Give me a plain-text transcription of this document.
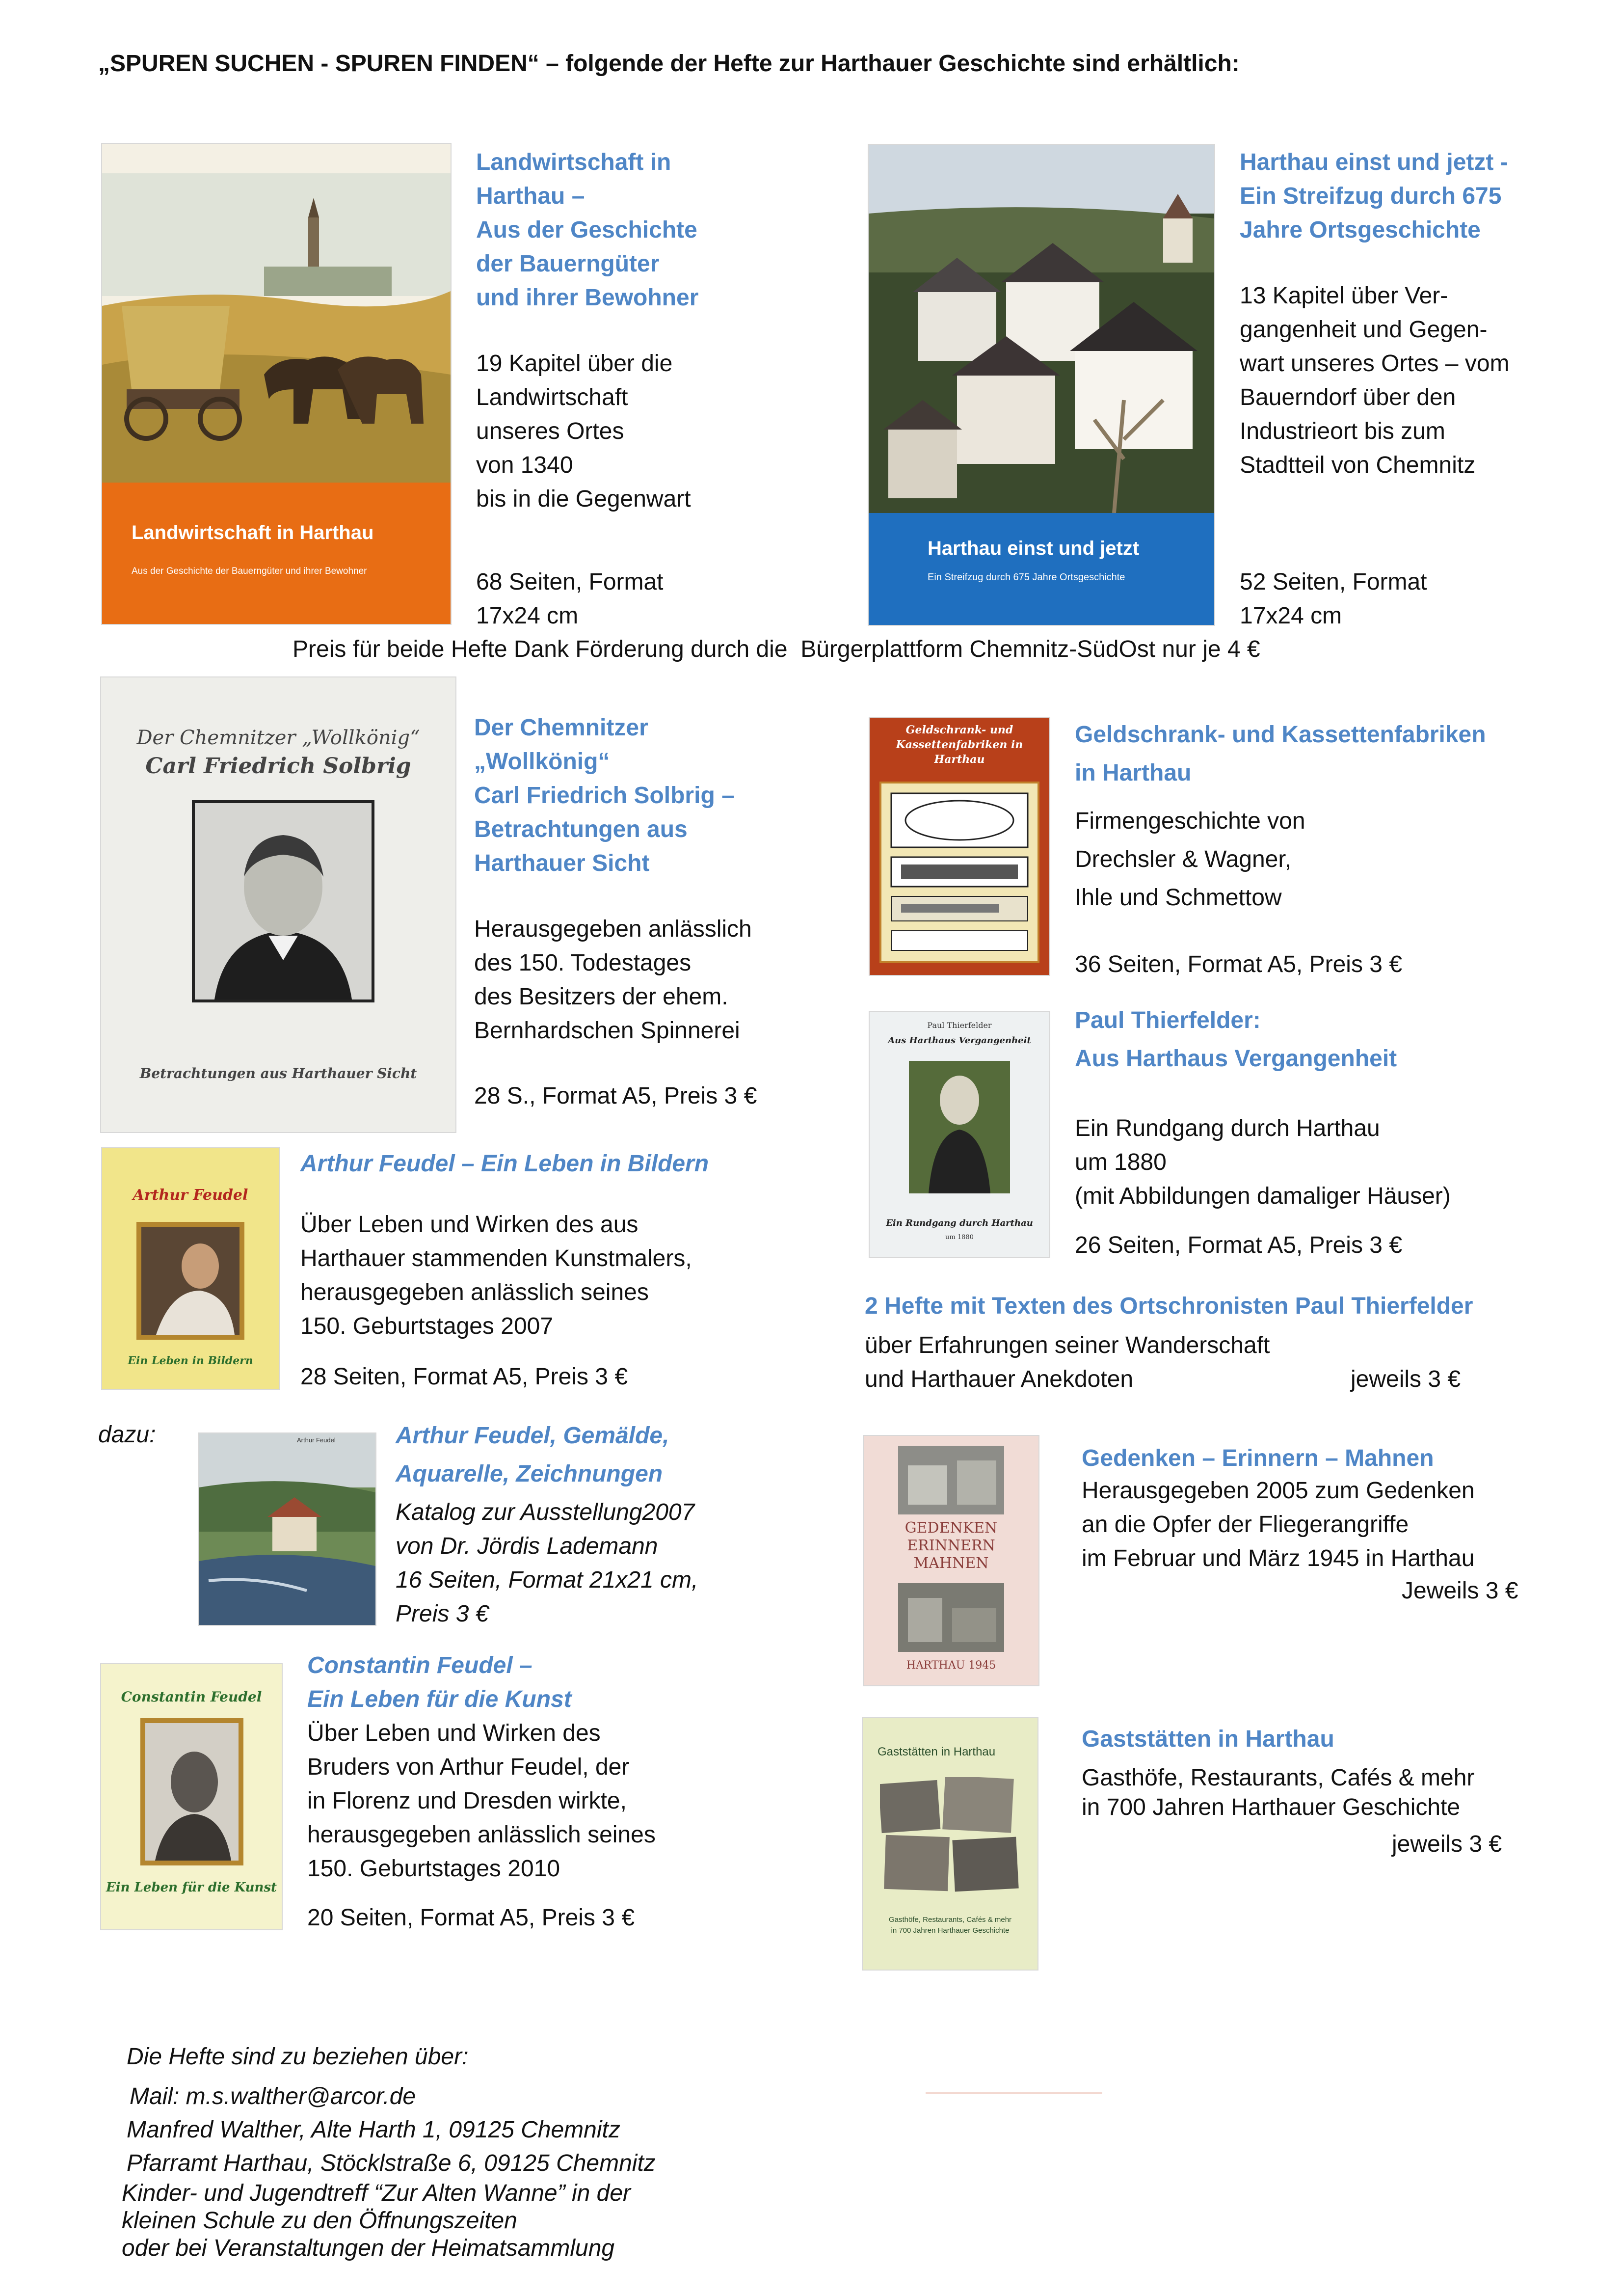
„SPUREN SUCHEN - SPUREN FINDEN“ – folgende der Hefte zur Harthauer Geschichte sind erhältlich:
Landwirtschaft in Harthau
Aus der Geschichte der Bauerngüter und ihrer Bewohner
Landwirtschaft in
Harthau –
Aus der Geschichte
der Bauerngüter
und ihrer Bewohner
19 Kapitel über die
Landwirtschaft
unseres Ortes
von 1340
bis in die Gegenwart
68 Seiten, Format
17x24 cm
Harthau einst und jetzt
Ein Streifzug durch 675 Jahre Ortsgeschichte
Harthau einst und jetzt -
Ein Streifzug durch 675
Jahre Ortsgeschichte
13 Kapitel über Ver-
gangenheit und Gegen-
wart unseres Ortes – vom
Bauerndorf über den
Industrieort bis zum
Stadtteil von Chemnitz
52 Seiten, Format
17x24 cm
Preis für beide Hefte Dank Förderung durch die  Bürgerplattform Chemnitz-SüdOst nur je 4 €
Der Chemnitzer „Wollkönig“
Carl Friedrich Solbrig
Betrachtungen aus Harthauer Sicht
Der Chemnitzer
„Wollkönig“
Carl Friedrich Solbrig –
Betrachtungen aus
Harthauer Sicht
Herausgegeben anlässlich
des 150. Todestages
des Besitzers der ehem.
Bernhardschen Spinnerei
28 S., Format A5, Preis 3 €
Geldschrank- und Kassettenfabriken in Harthau
Geldschrank- und Kassettenfabriken
in Harthau
Firmengeschichte von
Drechsler & Wagner,
Ihle und Schmettow
36 Seiten, Format A5, Preis 3 €
Paul Thierfelder
Aus Harthaus Vergangenheit
Ein Rundgang durch Harthau
um 1880
Paul Thierfelder:
Aus Harthaus Vergangenheit
Ein Rundgang durch Harthau
um 1880
(mit Abbildungen damaliger Häuser)
26 Seiten, Format A5, Preis 3 €
Arthur Feudel
Ein Leben in Bildern
Arthur Feudel – Ein Leben in Bildern
Über Leben und Wirken des aus
Harthauer stammenden Kunstmalers,
herausgegeben anlässlich seines
150. Geburtstages 2007
28 Seiten, Format A5, Preis 3 €
2 Hefte mit Texten des Ortschronisten Paul Thierfelder
über Erfahrungen seiner Wanderschaft
und Harthauer Anekdoten	jeweils 3 €
dazu:	Arthur Feudel	Arthur Feudel, Gemälde,
Aquarelle, Zeichnungen
Katalog zur Ausstellung2007
von Dr. Jördis Lademann
16 Seiten, Format 21x21 cm,
Preis 3 €
GEDENKEN
ERINNERN
MAHNEN
HARTHAU 1945
Gedenken – Erinnern – Mahnen
Herausgegeben 2005 zum Gedenken
an die Opfer der Fliegerangriffe
im Februar und März 1945 in Harthau
Jeweils 3 €
Constantin Feudel
Ein Leben für die Kunst
Constantin Feudel –
Ein Leben für die Kunst
Über Leben und Wirken des
Bruders von Arthur Feudel, der
in Florenz und Dresden wirkte,
herausgegeben anlässlich seines
150. Geburtstages 2010
20 Seiten, Format A5, Preis 3 €
Gaststätten in Harthau
Gasthöfe, Restaurants, Cafés & mehr
in 700 Jahren Harthauer Geschichte
Gaststätten in Harthau
Gasthöfe, Restaurants, Cafés & mehr
in 700 Jahren Harthauer Geschichte
jeweils 3 €
Die Hefte sind zu beziehen über:
Mail: m.s.walther@arcor.de
Manfred Walther, Alte Harth 1, 09125 Chemnitz
Pfarramt Harthau, Stöcklstraße 6, 09125 Chemnitz
Kinder- und Jugendtreff “Zur Alten Wanne” in der
kleinen Schule zu den Öffnungszeiten
oder bei Veranstaltungen der Heimatsammlung
